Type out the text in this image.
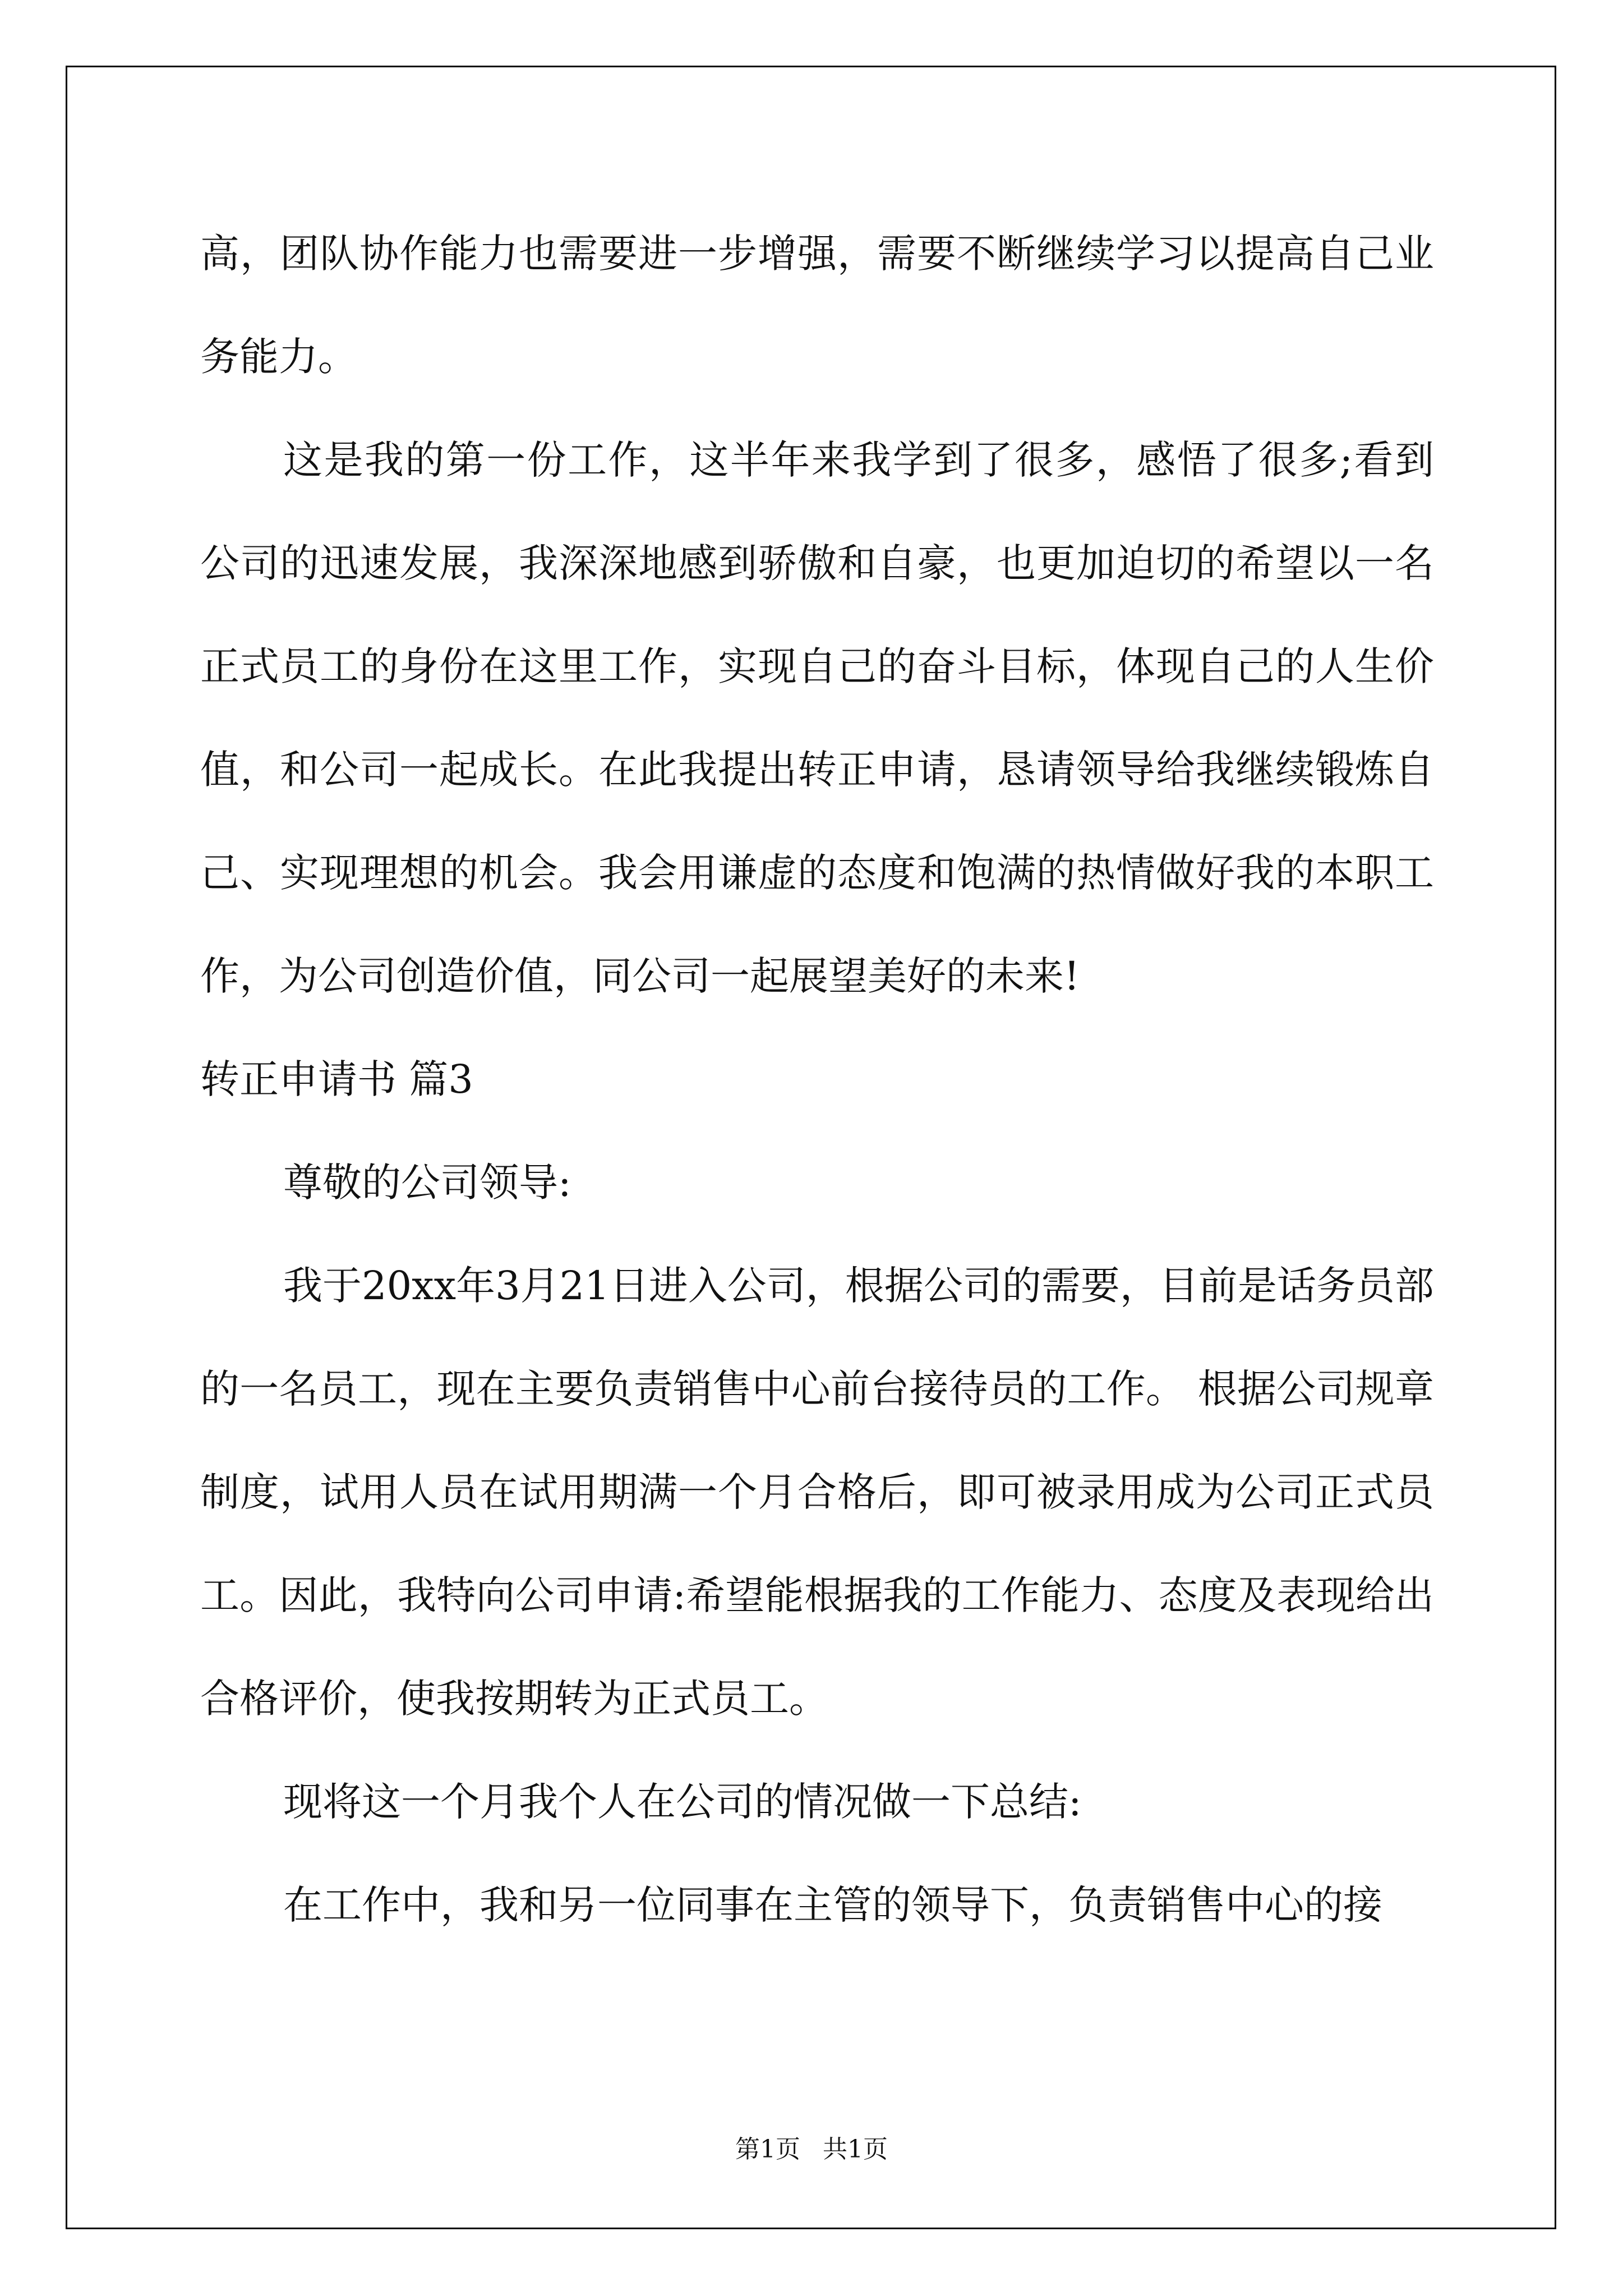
高，团队协作能力也需要进一步增强，需要不断继续学习以提高自己业务能力。

这是我的第一份工作，这半年来我学到了很多，感悟了很多;看到公司的迅速发展，我深深地感到骄傲和自豪，也更加迫切的希望以一名正式员工的身份在这里工作，实现自己的奋斗目标，体现自己的人生价值，和公司一起成长。在此我提出转正申请，恳请领导给我继续锻炼自己、实现理想的机会。我会用谦虚的态度和饱满的热情做好我的本职工作，为公司创造价值，同公司一起展望美好的未来!

转正申请书 篇3

尊敬的公司领导:

我于20xx年3月21日进入公司，根据公司的需要，目前是话务员部的一名员工，现在主要负责销售中心前台接待员的工作。 根据公司规章制度，试用人员在试用期满一个月合格后，即可被录用成为公司正式员工。因此，我特向公司申请:希望能根据我的工作能力、态度及表现给出合格评价，使我按期转为正式员工。

现将这一个月我个人在公司的情况做一下总结:

在工作中，我和另一位同事在主管的领导下，负责销售中心的接

第1页 共1页
